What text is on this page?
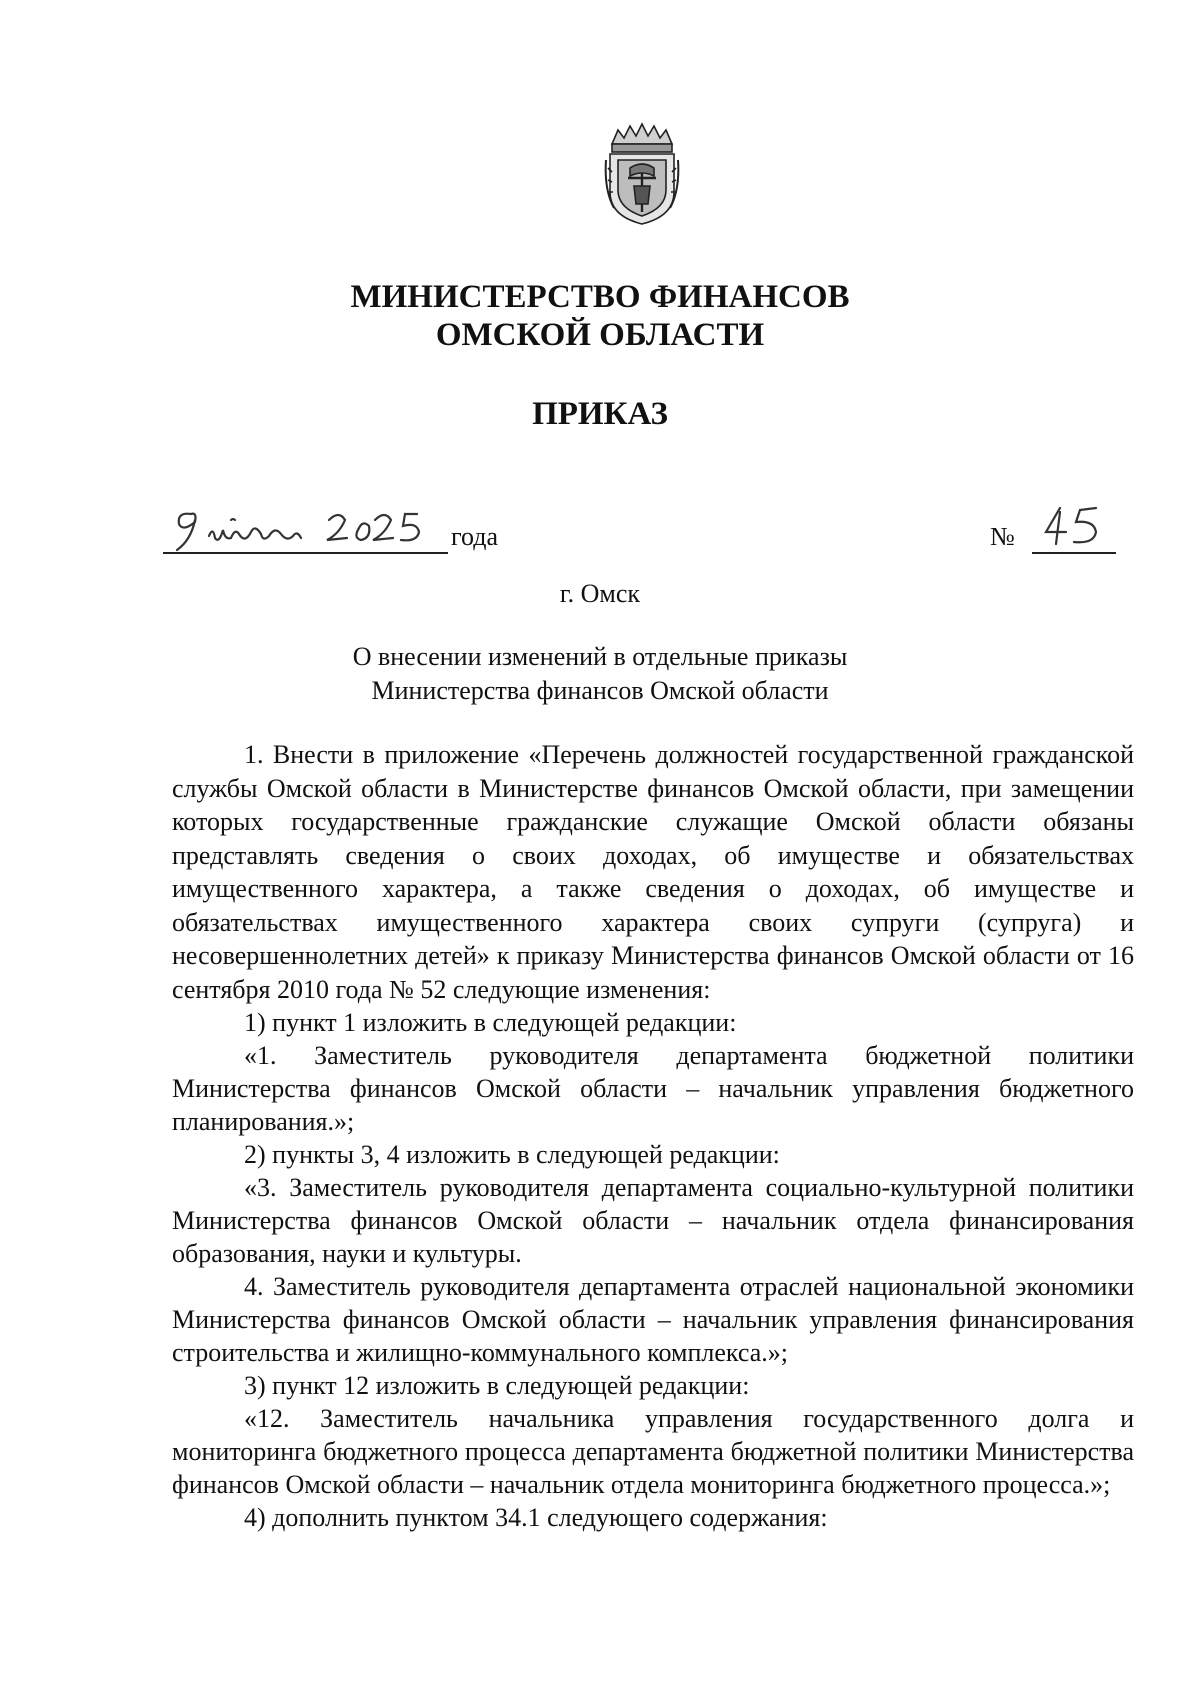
МИНИСТЕРСТВО ФИНАНСОВ
ОМСКОЙ ОБЛАСТИ
ПРИКАЗ
года	№
г. Омск
О внесении изменений в отдельные приказы
Министерства финансов Омской области

1. Внести в приложение «Перечень должностей государственной гражданской службы Омской области в Министерстве финансов Омской области, при замещении которых государственные гражданские служащие Омской области обязаны представлять сведения о своих доходах, об имуществе и обязательствах имущественного характера, а также сведения о доходах, об имуществе и обязательствах имущественного характера своих супруги (супруга) и несовершеннолетних детей» к приказу Министерства финансов Омской области от 16 сентября 2010 года № 52 следующие изменения:

1) пункт 1 изложить в следующей редакции:

«1. Заместитель руководителя департамента бюджетной политики Министерства финансов Омской области – начальник управления бюджетного планирования.»;

2) пункты 3, 4 изложить в следующей редакции:

«3. Заместитель руководителя департамента социально-культурной политики Министерства финансов Омской области – начальник отдела финансирования образования, науки и культуры.

4. Заместитель руководителя департамента отраслей национальной экономики Министерства финансов Омской области – начальник управления финансирования строительства и жилищно-коммунального комплекса.»;

3) пункт 12 изложить в следующей редакции:

«12. Заместитель начальника управления государственного долга и мониторинга бюджетного процесса департамента бюджетной политики Министерства финансов Омской области – начальник отдела мониторинга бюджетного процесса.»;

4) дополнить пунктом 34.1 следующего содержания:
